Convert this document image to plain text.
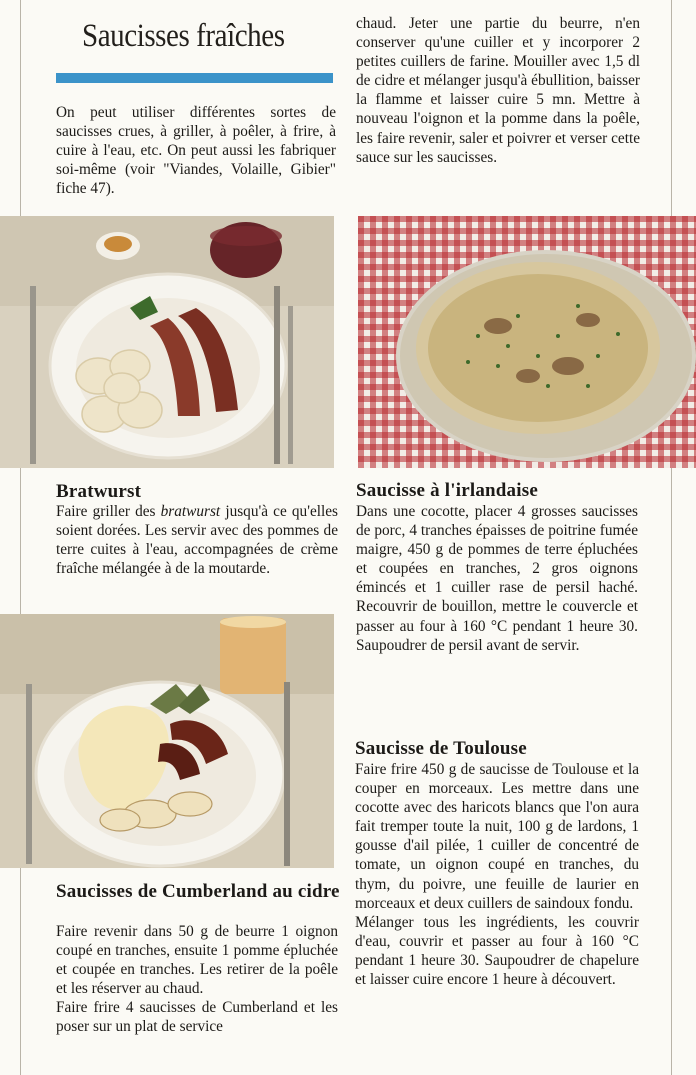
Saucisses fraîches

On peut utiliser différentes sortes de saucisses crues, à griller, à poêler, à frire, à cuire à l'eau, etc. On peut aussi les fabriquer soi-même (voir "Viandes, Volaille, Gibier" fiche 47).

chaud. Jeter une partie du beurre, n'en conserver qu'une cuiller et y incorporer 2 petites cuillers de farine. Mouiller avec 1,5 dl de cidre et mélanger jusqu'à ébullition, baisser la flamme et laisser cuire 5 mn. Mettre à nouveau l'oignon et la pomme dans la poêle, les faire revenir, saler et poivrer et verser cette sauce sur les saucisses.

Bratwurst

Faire griller des bratwurst jusqu'à ce qu'elles soient dorées. Les servir avec des pommes de terre cuites à l'eau, accompagnées de crème fraîche mélangée à de la moutarde.

Saucisse à l'irlandaise

Dans une cocotte, placer 4 grosses saucisses de porc, 4 tranches épaisses de poitrine fumée maigre, 450 g de pommes de terre épluchées et coupées en tranches, 2 gros oignons émincés et 1 cuiller rase de persil haché. Recouvrir de bouillon, mettre le couvercle et passer au four à 160 °C pendant 1 heure 30. Saupoudrer de persil avant de servir.

Saucisse de Toulouse

Faire frire 450 g de saucisse de Toulouse et la couper en morceaux. Les mettre dans une cocotte avec des haricots blancs que l'on aura fait tremper toute la nuit, 100 g de lardons, 1 gousse d'ail pilée, 1 cuiller de concentré de tomate, un oignon coupé en tranches, du thym, du poivre, une feuille de laurier en morceaux et deux cuillers de saindoux fondu.

Mélanger tous les ingrédients, les couvrir d'eau, couvrir et passer au four à 160 °C pendant 1 heure 30. Saupoudrer de chapelure et laisser cuire encore 1 heure à découvert.

Saucisses de Cumberland au cidre

Faire revenir dans 50 g de beurre 1 oignon coupé en tranches, ensuite 1 pomme épluchée et coupée en tranches. Les retirer de la poêle et les réserver au chaud.

Faire frire 4 saucisses de Cumberland et les poser sur un plat de service
